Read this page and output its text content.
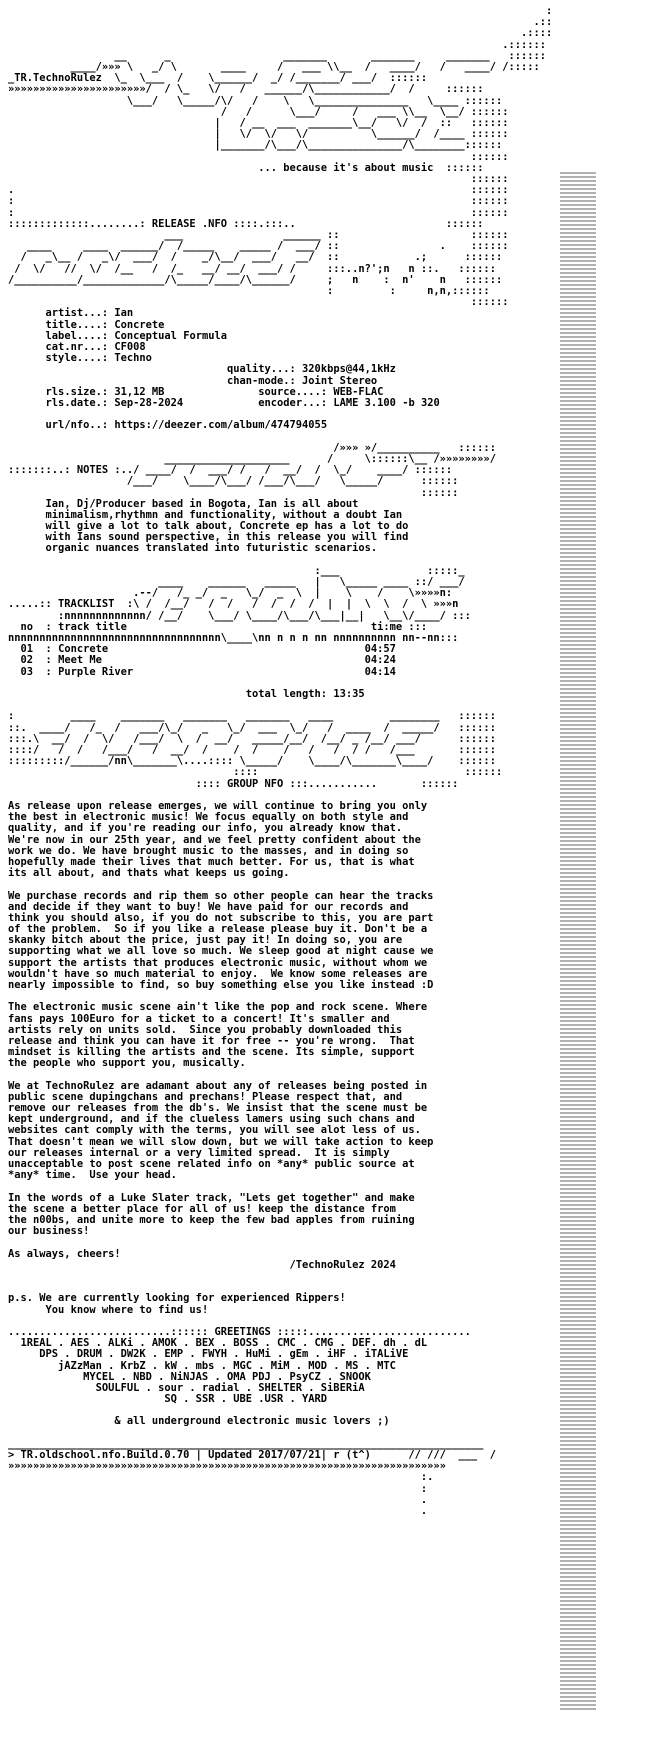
:
.::
.::::
.::::::
__      _                  _______       _______     _______   ::::::
____/»»» \   _/ \       ____     /   ___ \\__  /   ____/   /   ____/ /:::::

_TR.TechnoRulez  \_  \___  /    \______/  _/ /_______/ ___/  ::::::
»»»»»»»»»»»»»»»»»»»»»»/  / \_   \/   /   ______/\____________/  /     ::::::
\___/   \_____/\/   /    \   \_______________   \____ ::::::
/   /      \___/     /   ___ \\__  \__/ ::::::
|   / __  ___  _______\__/   \/  /  ::   ::::::
|   \/  \/   \/          \______/  /____ ::::::
|_______/\___/\_______________/\________::::::
::::::

... because it's about music  ::::::
::::::
.                                                                         ::::::
:                                                                         ::::::
:                                                                         ::::::

:::::::::::::........: RELEASE .NFO ::::.:::..                        ::::::
___                ______ ::                     ::::::
____     ____  ______/  /_____    _____ /  ___/ ::                .    ::::::
/   _\__ /   _\/  ___/  /    _/\__/  ___/   __/  ::            .;      ::::::
/  \/   //  \/  /__   /  /_   __/ __/  ___/ /     :::..n?';n   n ::.   ::::::
/__________/_____________/\_____/____/\______/     ;   n    :  n'    n   ::::::
:         :     n,n,::::::

::::::

artist...: Ian
title....: Concrete
label....: Conceptual Formula
cat.nr...: CF008
style....: Techno
quality...: 320kbps@44,1kHz
chan-mode.: Joint Stereo
rls.size.: 31,12 MB	source....: WEB-FLAC
rls.date.: Sep-28-2024	encoder...: LAME 3.100 -b 320

url/nfo..: https://deezer.com/album/474794055

/»»» »/__________   ::::::
____________________      /     \::::::\__ /»»»»»»»»/

:::::::..: NOTES :../ ____/  /  ___/ /   /  __/  /  \_/    ____/ ::::::
/___/    \____/\___/ /___/\___/   \_____/      ::::::
::::::

Ian, Dj/Producer based in Bogota, Ian is all about
minimalism,rhythmn and functionality, without a doubt Ian
will give a lot to talk about, Concrete ep has a lot to do
with Ians sound perspective, in this release you will find
organic nuances translated into futuristic scenarios.

:___              :::::_
____    ______   _____   |   \_____ ____ ::/ ___/
.--/   /_ _/  _   \_/  _  \  |    \    /    \»»»»n:

.....:: TRACKLIST  :\ /  /__/   /  /   /  /  /  /  |  |  \  \  /  \ »»»n
:nnnnnnnnnnnnn/ /__/    \___/ \____/\___/\___|__|   \__\/____/ :::

no : track title	ti:me :::
nnnnnnnnnnnnnnnnnnnnnnnnnnnnnnnnnn\____\nn n n n nn nnnnnnnnnn nn--nn:::

01  : Concrete	04:57
02  : Meet Me	04:24
03  : Purple River	04:14

total length: 13:35

:         ____    _______   _______   _______   ____         ________   ::::::
::.  ____/   /_  /   ___/\_/   _   \_/  ___  \_/   /  ____  /  _____/   ::::::
:::.\  __/  /  \/   /___/  \  /  __/   _____/__/  /__/ _ /__/ ___/      ::::::
::::/   /  /   /___/   /  __/  /    /  /    /   /   /  / /   /___       ::::::
:::::::::/______/nn\_______\....:::: \_____/    \____/\_______\____/    ::::::
::::                                 ::::::

:::: GROUP NFO :::...........       ::::::

As release upon release emerges, we will continue to bring you only
the best in electronic music! We focus equally on both style and
quality, and if you're reading our info, you already know that.
We're now in our 25th year, and we feel pretty confident about the
work we do. We have brought music to the masses, and in doing so
hopefully made their lives that much better. For us, that is what
its all about, and thats what keeps us going.

We purchase records and rip them so other people can hear the tracks
and decide if they want to buy! We have paid for our records and
think you should also, if you do not subscribe to this, you are part
of the problem.  So if you like a release please buy it. Don't be a
skanky bitch about the price, just pay it! In doing so, you are
supporting what we all love so much. We sleep good at night cause we
support the artists that produces electronic music, without whom we
wouldn't have so much material to enjoy.  We know some releases are
nearly impossible to find, so buy something else you like instead :D

The electronic music scene ain't like the pop and rock scene. Where
fans pays 100Euro for a ticket to a concert! It's smaller and
artists rely on units sold.  Since you probably downloaded this
release and think you can have it for free -- you're wrong.  That
mindset is killing the artists and the scene. Its simple, support
the people who support you, musically.

We at TechnoRulez are adamant about any of releases being posted in
public scene dupingchans and prechans! Please respect that, and
remove our releases from the db's. We insist that the scene must be
kept underground, and if the clueless lamers using such chans and
websites cant comply with the terms, you will see alot less of us.
That doesn't mean we will slow down, but we will take action to keep
our releases internal or a very limited spread.  It is simply
unacceptable to post scene related info on *any* public source at
*any* time.  Use your head.

In the words of a Luke Slater track, "Lets get together" and make
the scene a better place for all of us! keep the distance from
the n00bs, and unite more to keep the few bad apples from ruining
our business!

As always, cheers!
/TechnoRulez 2024

p.s. We are currently looking for experienced Rippers!
You know where to find us!

..........................:::::: GREETINGS :::::..........................
1REAL . AES . ALKi . AMOK . BEX . BOSS . CMC . CMG . DEF. dh . dL
DPS . DRUM . DW2K . EMP . FWYH . HuMi . gEm . iHF . iTALiVE
jAZzMan . KrbZ . kW . mbs . MGC . MiM . MOD . MS . MTC
MYCEL . NBD . NiNJAS . OMA PDJ . PsyCZ . SNOOK
SOULFUL . sour . radial . SHELTER . SiBERiA
SQ . SSR . UBE .USR . YARD

& all underground electronic music lovers ;)

____________________________________________________________________________

> TR.oldschool.nfo.Build.0.70 | Updated 2017/07/21| r (t^)      // ///  ___  /
»»»»»»»»»»»»»»»»»»»»»»»»»»»»»»»»»»»»»»»»»»»»»»»»»»»»»»»»»»»»»»»»»»»»»»
:.
:
.
.
